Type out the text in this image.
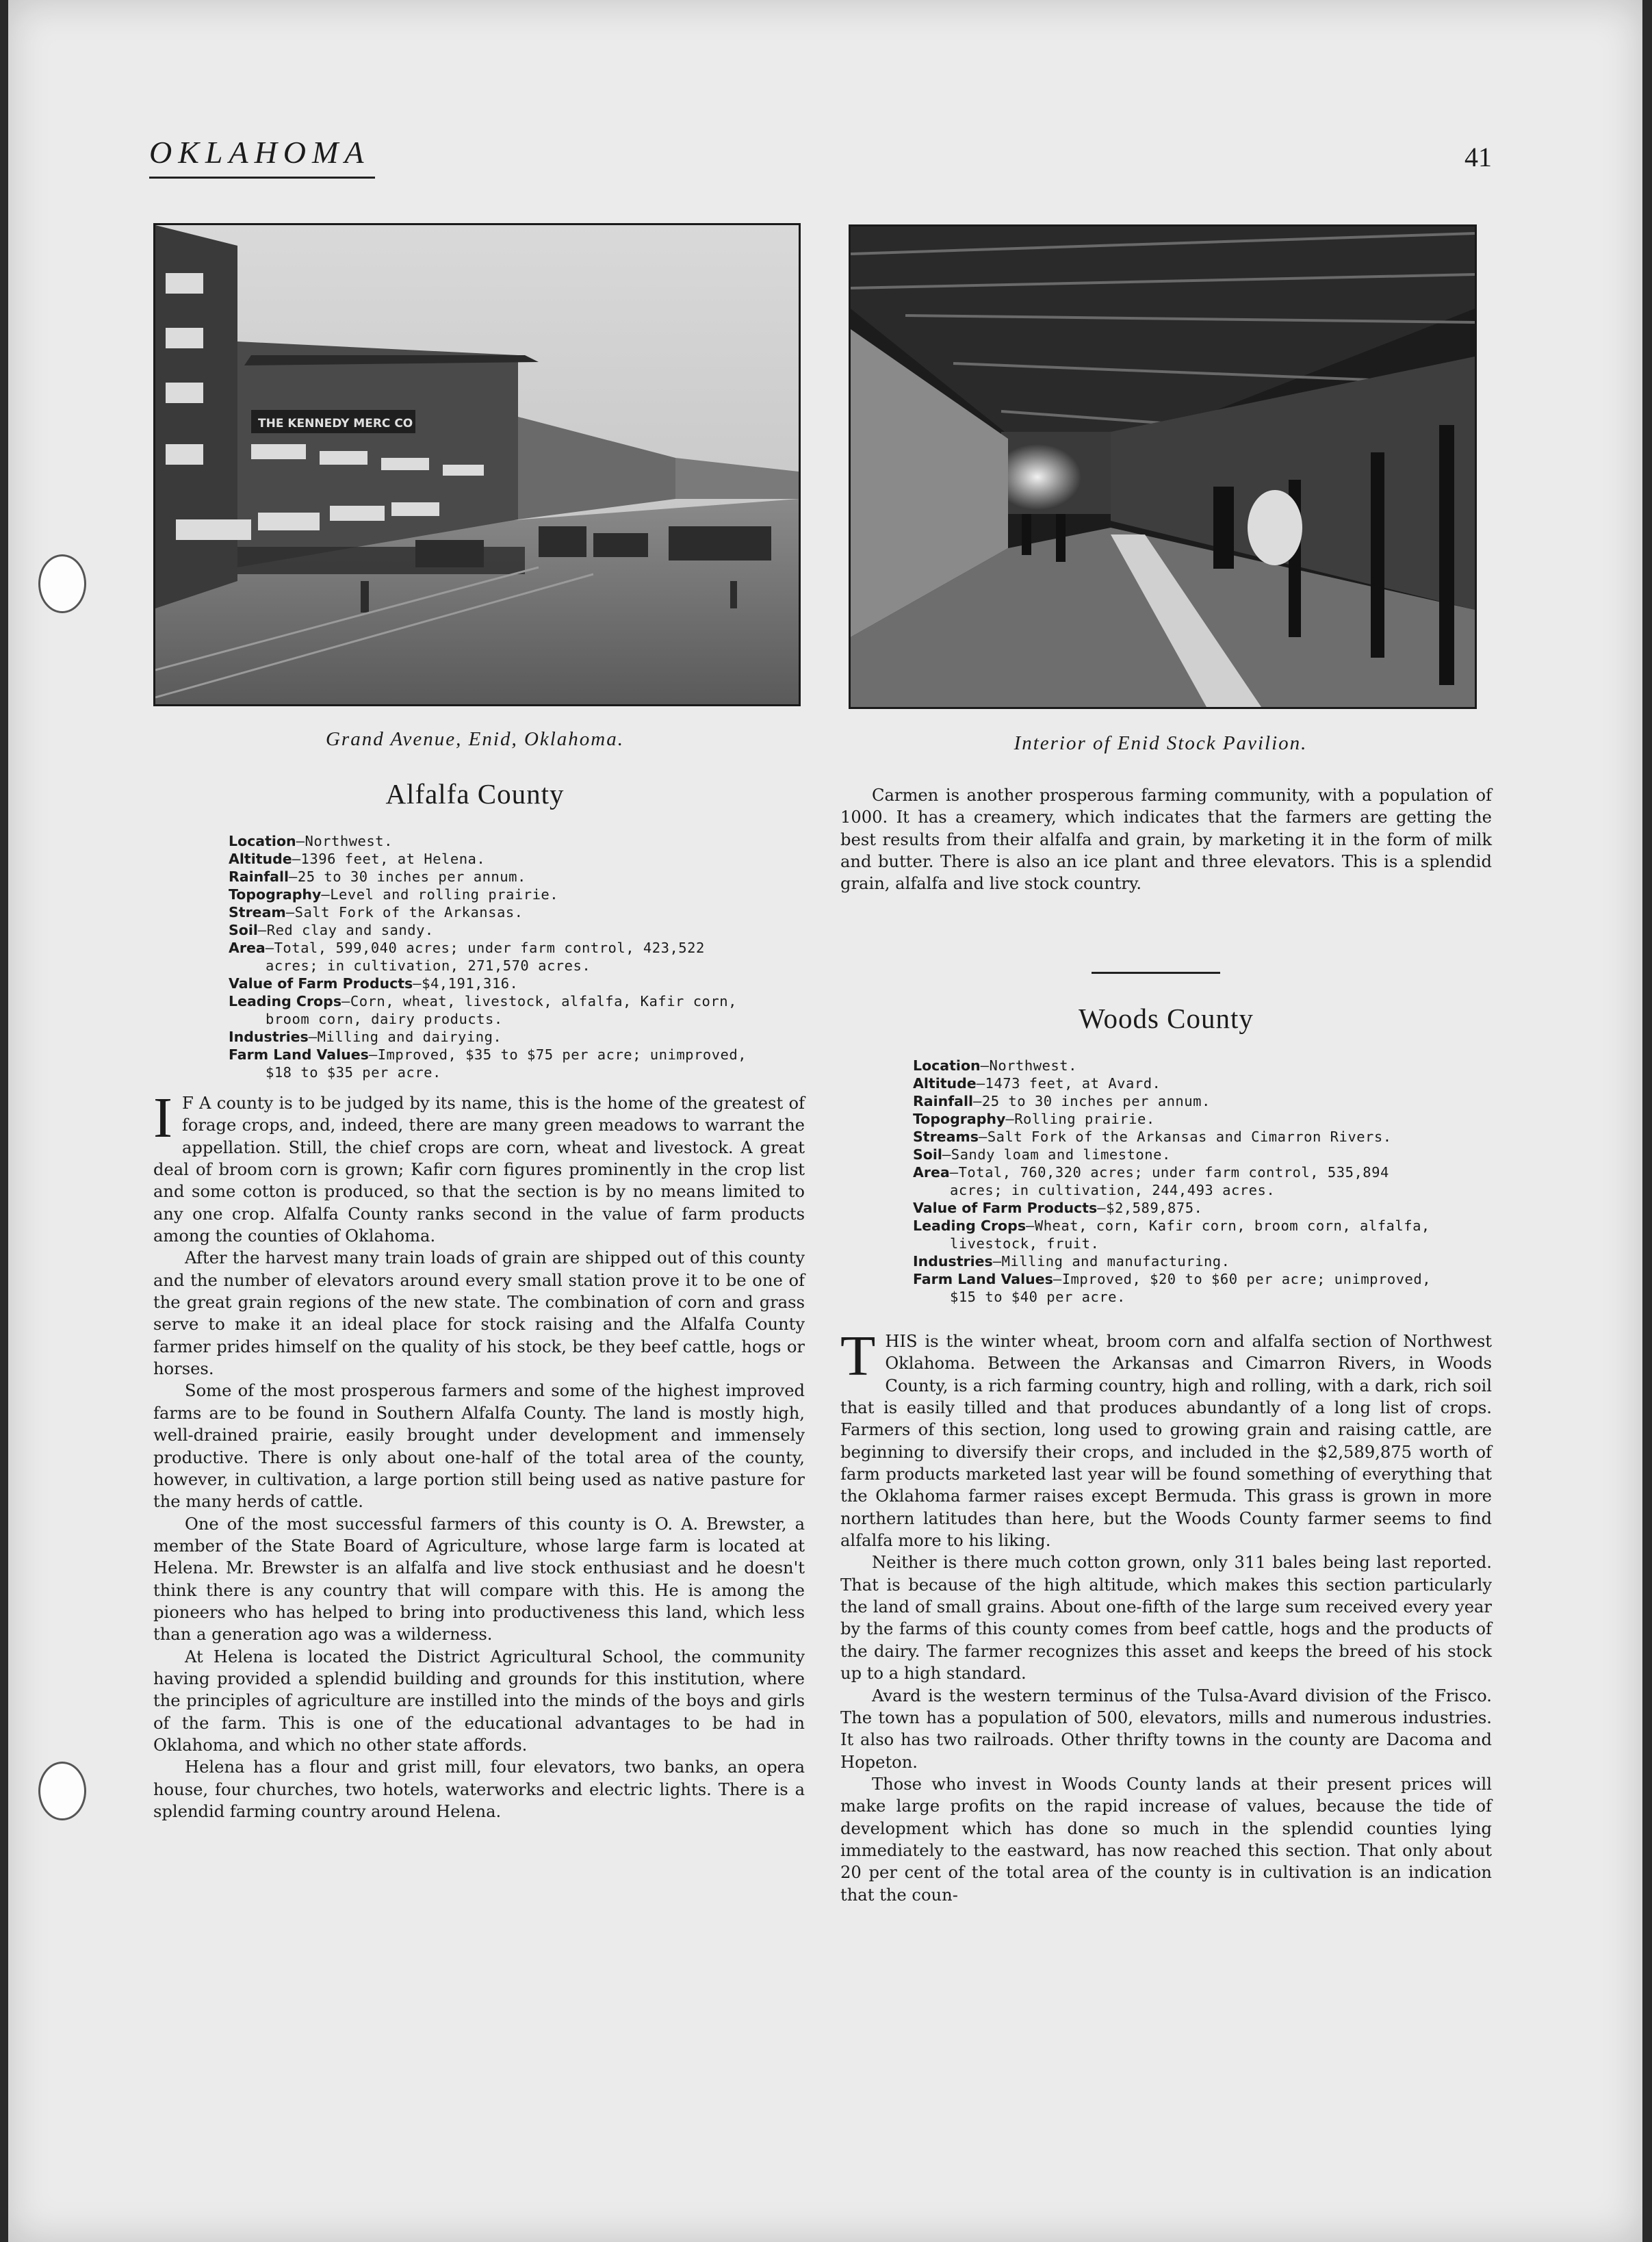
OKLAHOMA	41
THE KENNEDY MERC CO

Grand Avenue, Enid, Oklahoma.	Interior of Enid Stock Pavilion.

Alfalfa County
Location—Northwest.
Altitude—1396 feet, at Helena.
Rainfall—25 to 30 inches per annum.
Topography—Level and rolling prairie.
Stream—Salt Fork of the Arkansas.
Soil—Red clay and sandy.
Area—Total, 599,040 acres; under farm control, 423,522 acres; in cultivation, 271,570 acres.
Value of Farm Products—$4,191,316.
Leading Crops—Corn, wheat, livestock, alfalfa, Kafir corn, broom corn, dairy products.
Industries—Milling and dairying.
Farm Land Values—Improved, $35 to $75 per acre; unimproved, $18 to $35 per acre.

I F A county is to be judged by its name, this is the home of the greatest of forage crops, and, indeed, there are many green meadows to warrant the appellation. Still, the chief crops are corn, wheat and livestock. A great deal of broom corn is grown; Kafir corn figures prominently in the crop list and some cotton is produced, so that the section is by no means limited to any one crop. Alfalfa County ranks second in the value of farm products among the counties of Oklahoma.

After the harvest many train loads of grain are shipped out of this county and the number of elevators around every small station prove it to be one of the great grain regions of the new state. The combination of corn and grass serve to make it an ideal place for stock raising and the Alfalfa County farmer prides himself on the quality of his stock, be they beef cattle, hogs or horses.

Some of the most prosperous farmers and some of the highest improved farms are to be found in Southern Alfalfa County. The land is mostly high, well-drained prairie, easily brought under development and immensely productive. There is only about one-half of the total area of the county, however, in cultivation, a large portion still being used as native pasture for the many herds of cattle.

One of the most successful farmers of this county is O. A. Brewster, a member of the State Board of Agriculture, whose large farm is located at Helena. Mr. Brewster is an alfalfa and live stock enthusiast and he doesn't think there is any country that will compare with this. He is among the pioneers who has helped to bring into productiveness this land, which less than a generation ago was a wilderness.

At Helena is located the District Agricultural School, the community having provided a splendid building and grounds for this institution, where the principles of agriculture are instilled into the minds of the boys and girls of the farm. This is one of the educational advantages to be had in Oklahoma, and which no other state affords.

Helena has a flour and grist mill, four elevators, two banks, an opera house, four churches, two hotels, waterworks and electric lights. There is a splendid farming country around Helena.

Carmen is another prosperous farming community, with a population of 1000. It has a creamery, which indicates that the farmers are getting the best results from their alfalfa and grain, by marketing it in the form of milk and butter. There is also an ice plant and three elevators. This is a splendid grain, alfalfa and live stock country.

Woods County
Location—Northwest.
Altitude—1473 feet, at Avard.
Rainfall—25 to 30 inches per annum.
Topography—Rolling prairie.
Streams—Salt Fork of the Arkansas and Cimarron Rivers.
Soil—Sandy loam and limestone.
Area—Total, 760,320 acres; under farm control, 535,894 acres; in cultivation, 244,493 acres.
Value of Farm Products—$2,589,875.
Leading Crops—Wheat, corn, Kafir corn, broom corn, alfalfa, livestock, fruit.
Industries—Milling and manufacturing.
Farm Land Values—Improved, $20 to $60 per acre; unimproved, $15 to $40 per acre.

THIS is the winter wheat, broom corn and alfalfa section of Northwest Oklahoma. Between the Arkansas and Cimarron Rivers, in Woods County, is a rich farming country, high and rolling, with a dark, rich soil that is easily tilled and that produces abundantly of a long list of crops. Farmers of this section, long used to growing grain and raising cattle, are beginning to diversify their crops, and included in the $2,589,875 worth of farm products marketed last year will be found something of everything that the Oklahoma farmer raises except Bermuda. This grass is grown in more northern latitudes than here, but the Woods County farmer seems to find alfalfa more to his liking.

Neither is there much cotton grown, only 311 bales being last reported. That is because of the high altitude, which makes this section particularly the land of small grains. About one-fifth of the large sum received every year by the farms of this county comes from beef cattle, hogs and the products of the dairy. The farmer recognizes this asset and keeps the breed of his stock up to a high standard.

Avard is the western terminus of the Tulsa-Avard division of the Frisco. The town has a population of 500, elevators, mills and numerous industries. It also has two railroads. Other thrifty towns in the county are Dacoma and Hopeton.

Those who invest in Woods County lands at their present prices will make large profits on the rapid increase of values, because the tide of development which has done so much in the splendid counties lying immediately to the eastward, has now reached this section. That only about 20 per cent of the total area of the county is in cultivation is an indication that the coun-
